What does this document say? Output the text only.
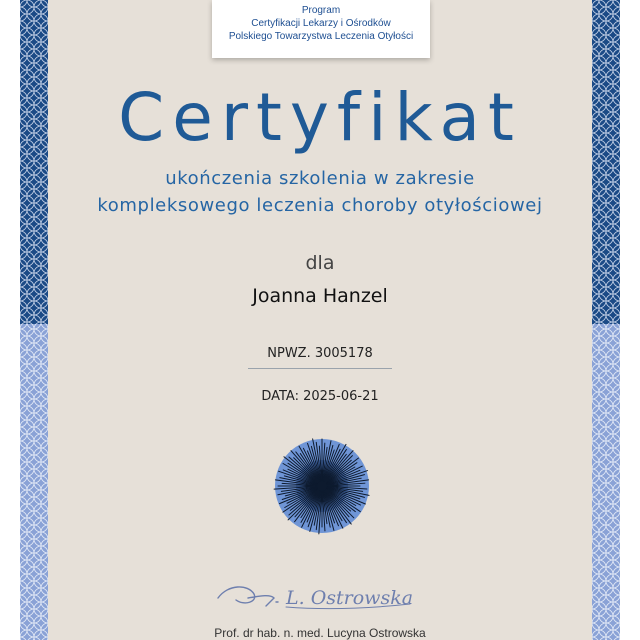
Program
Certyfikacji Lekarzy i Ośrodków
Polskiego Towarzystwa Leczenia Otyłości
Certyfikat
ukończenia szkolenia w zakresie
kompleksowego leczenia choroby otyłościowej
dla
Joanna Hanzel
NPWZ. 3005178
DATA: 2025-06-21
L. Ostrowska
Prof. dr hab. n. med. Lucyna Ostrowska
